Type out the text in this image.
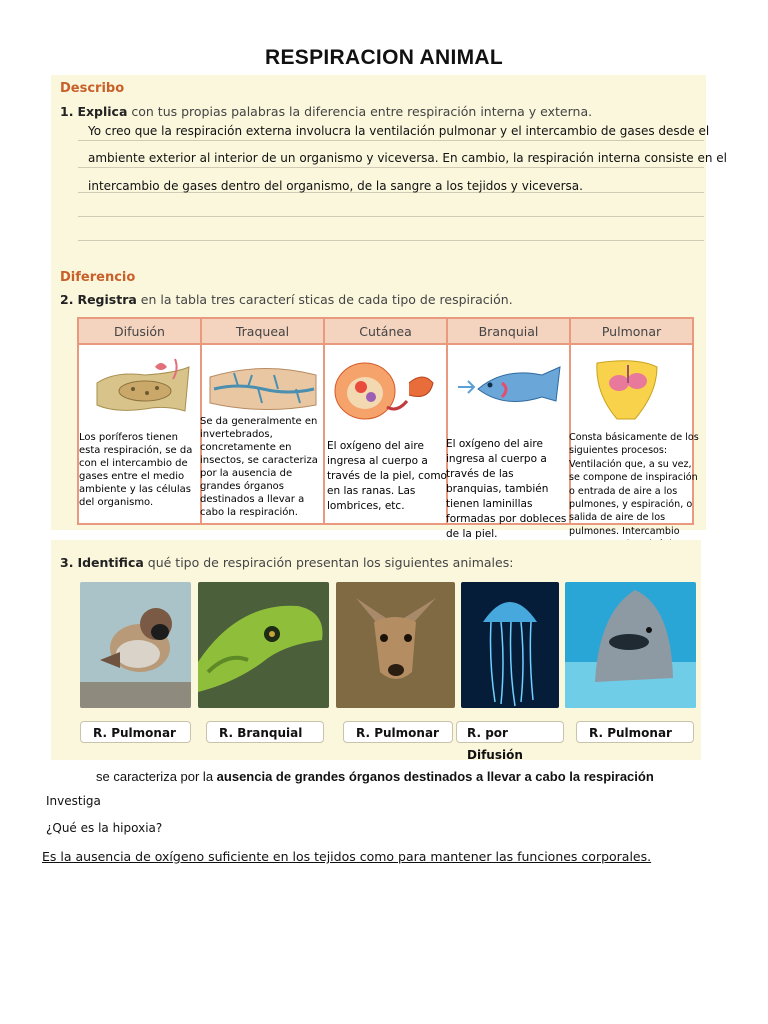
RESPIRACION ANIMAL
Describo
1. Explica con tus propias palabras la diferencia entre respiración interna y externa.
Yo creo que la respiración externa involucra la ventilación pulmonar y el intercambio de gases desde el
ambiente exterior al interior de un organismo y viceversa. En cambio, la respiración interna consiste en el
intercambio de gases dentro del organismo, de la sangre a los tejidos y viceversa.
Diferencio
2. Registra en la tabla tres caracterí sticas de cada tipo de respiración.
Difusión	Traqueal	Cutánea	Branquial	Pulmonar

Los poríferos tienen esta respiración, se da con el intercambio de gases entre el medio ambiente y las células del organismo.	Se da generalmente en invertebrados, concretamente en insectos, se caracteriza por la ausencia de grandes órganos destinados a llevar a cabo la respiración.	El oxígeno del aire ingresa al cuerpo a través de la piel, como en las ranas. Las lombrices, etc.	El oxígeno del aire ingresa al cuerpo a través de las branquias, también tienen laminillas formadas por dobleces de la piel.	Consta básicamente de los siguientes procesos: Ventilación que, a su vez, se compone de inspiración o entrada de aire a los pulmones, y espiración, o salida de aire de los pulmones. Intercambio
3. Identifica qué tipo de respiración presentan los siguientes animales:
R. Pulmonar	R. Branquial	R. Pulmonar	R. por Difusión
R. Pulmonar
se caracteriza por la ausencia de grandes órganos destinados a llevar a cabo la respiración
Investiga
¿Qué es la hipoxia?
Es la ausencia de oxígeno suficiente en los tejidos como para mantener las funciones corporales.
